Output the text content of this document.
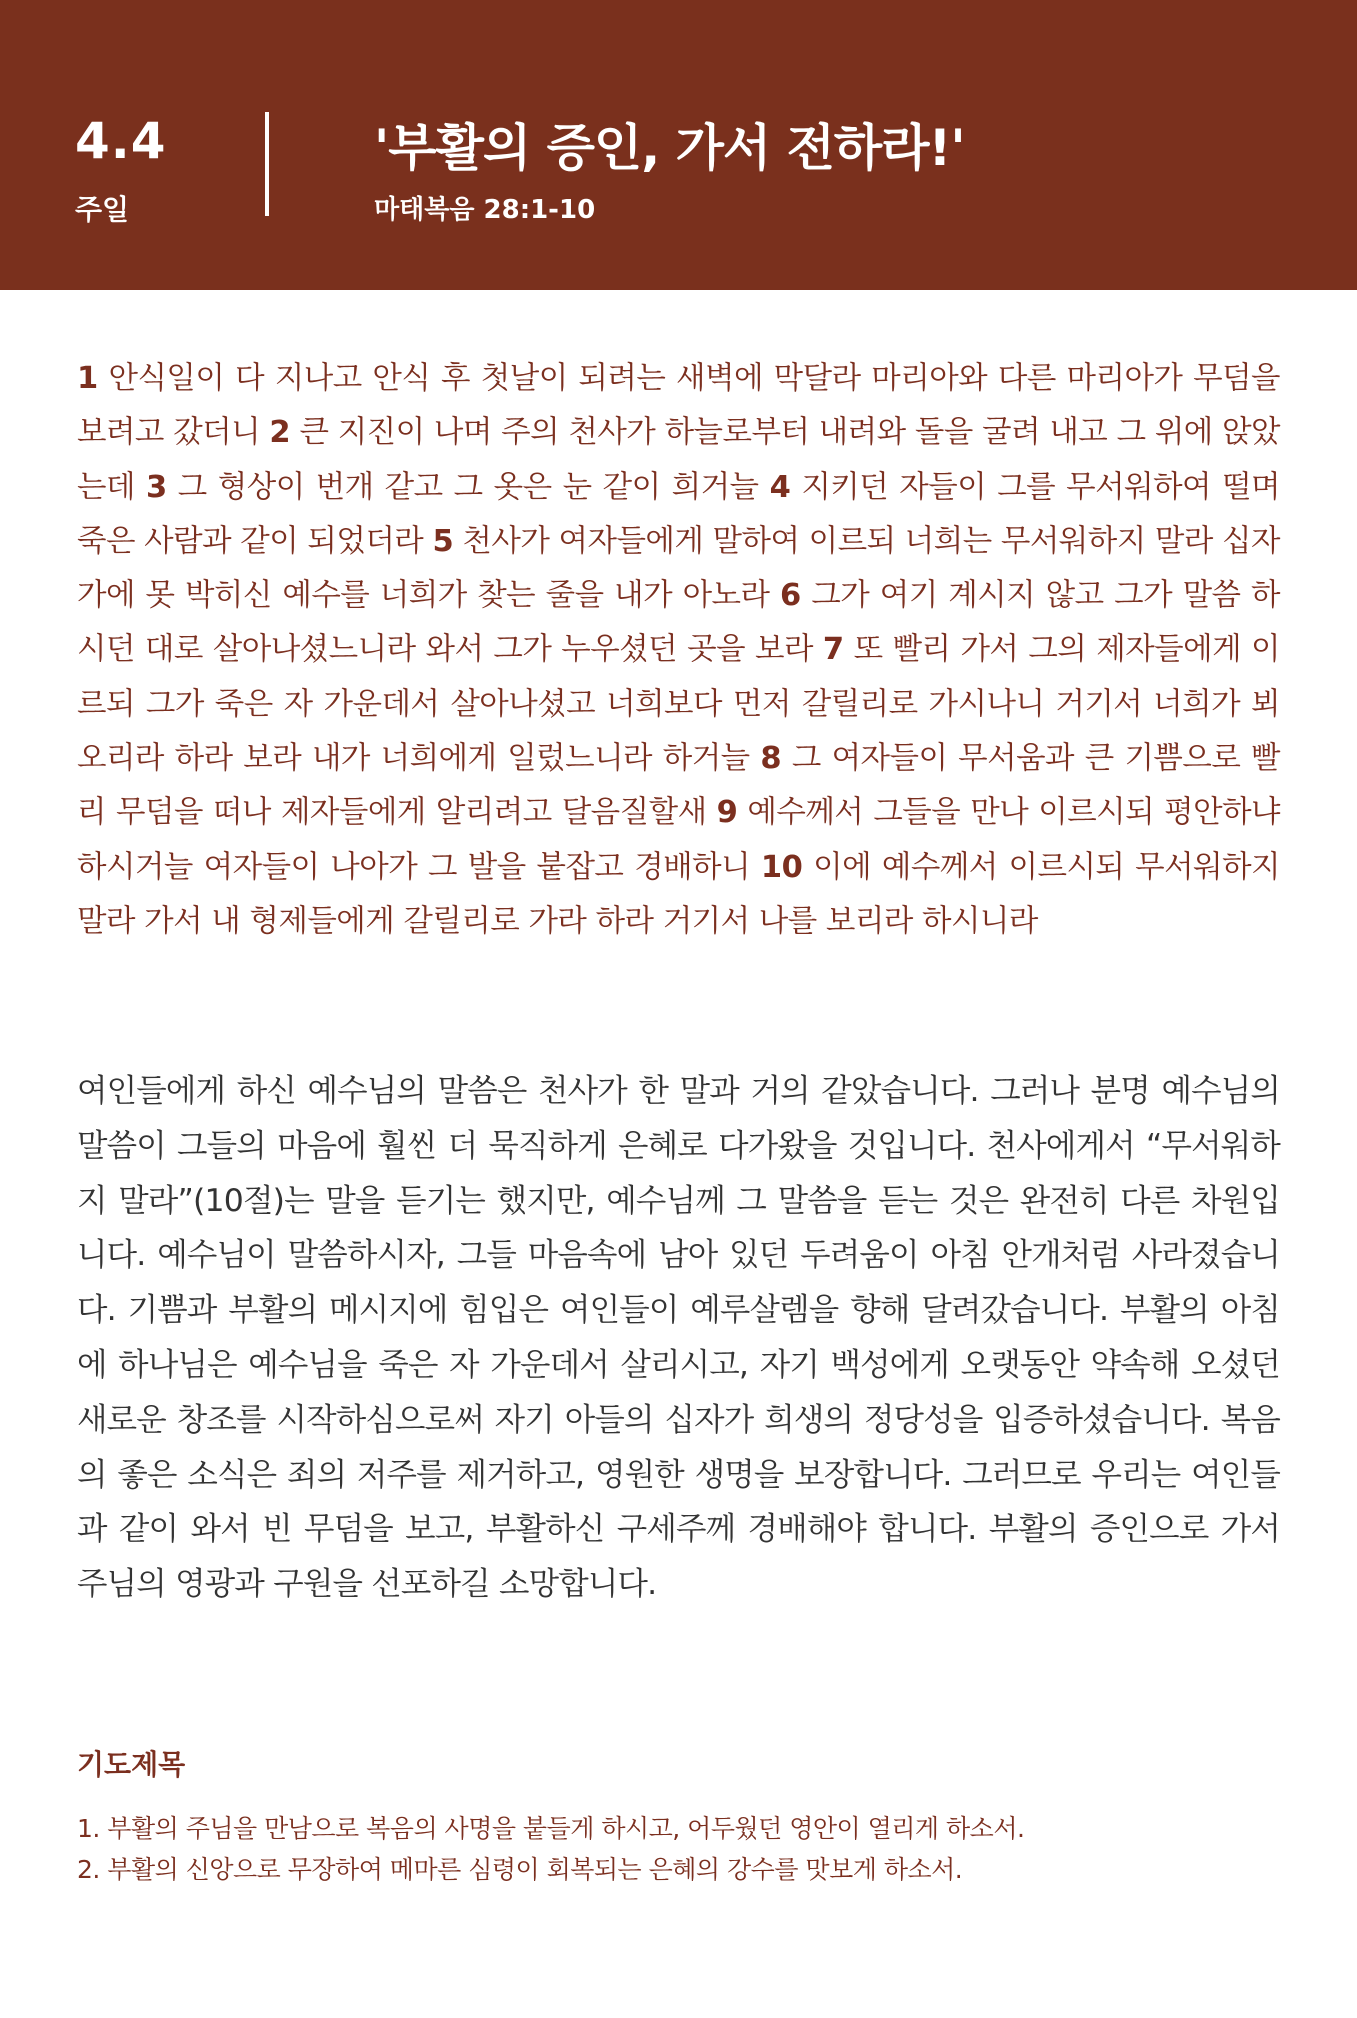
4.4
주일
'부활의 증인, 가서 전하라!'
마태복음 28:1-10
1 안식일이 다 지나고 안식 후 첫날이 되려는 새벽에 막달라 마리아와 다른 마리아가 무덤을 보려고 갔더니 2 큰 지진이 나며 주의 천사가 하늘로부터 내려와 돌을 굴려 내고 그 위에 앉았는데 3 그 형상이 번개 같고 그 옷은 눈 같이 희거늘 4 지키던 자들이 그를 무서워하여 떨며 죽은 사람과 같이 되었더라 5 천사가 여자들에게 말하여 이르되 너희는 무서워하지 말라 십자가에 못 박히신 예수를 너희가 찾는 줄을 내가 아노라 6 그가 여기 계시지 않고 그가 말씀 하시던 대로 살아나셨느니라 와서 그가 누우셨던 곳을 보라 7 또 빨리 가서 그의 제자들에게 이르되 그가 죽은 자 가운데서 살아나셨고 너희보다 먼저 갈릴리로 가시나니 거기서 너희가 뵈오리라 하라 보라 내가 너희에게 일렀느니라 하거늘 8 그 여자들이 무서움과 큰 기쁨으로 빨리 무덤을 떠나 제자들에게 알리려고 달음질할새 9 예수께서 그들을 만나 이르시되 평안하냐 하시거늘 여자들이 나아가 그 발을 붙잡고 경배하니 10 이에 예수께서 이르시되 무서워하지 말라 가서 내 형제들에게 갈릴리로 가라 하라 거기서 나를 보리라 하시니라
여인들에게 하신 예수님의 말씀은 천사가 한 말과 거의 같았습니다. 그러나 분명 예수님의 말씀이 그들의 마음에 훨씬 더 묵직하게 은혜로 다가왔을 것입니다. 천사에게서 “무서워하지 말라”(10절)는 말을 듣기는 했지만, 예수님께 그 말씀을 듣는 것은 완전히 다른 차원입니다. 예수님이 말씀하시자, 그들 마음속에 남아 있던 두려움이 아침 안개처럼 사라졌습니다. 기쁨과 부활의 메시지에 힘입은 여인들이 예루살렘을 향해 달려갔습니다. 부활의 아침에 하나님은 예수님을 죽은 자 가운데서 살리시고, 자기 백성에게 오랫동안 약속해 오셨던 새로운 창조를 시작하심으로써 자기 아들의 십자가 희생의 정당성을 입증하셨습니다. 복음의 좋은 소식은 죄의 저주를 제거하고, 영원한 생명을 보장합니다. 그러므로 우리는 여인들과 같이 와서 빈 무덤을 보고, 부활하신 구세주께 경배해야 합니다. 부활의 증인으로 가서 주님의 영광과 구원을 선포하길 소망합니다.
기도제목
1. 부활의 주님을 만남으로 복음의 사명을 붙들게 하시고, 어두웠던 영안이 열리게 하소서.
2. 부활의 신앙으로 무장하여 메마른 심령이 회복되는 은혜의 강수를 맛보게 하소서.
